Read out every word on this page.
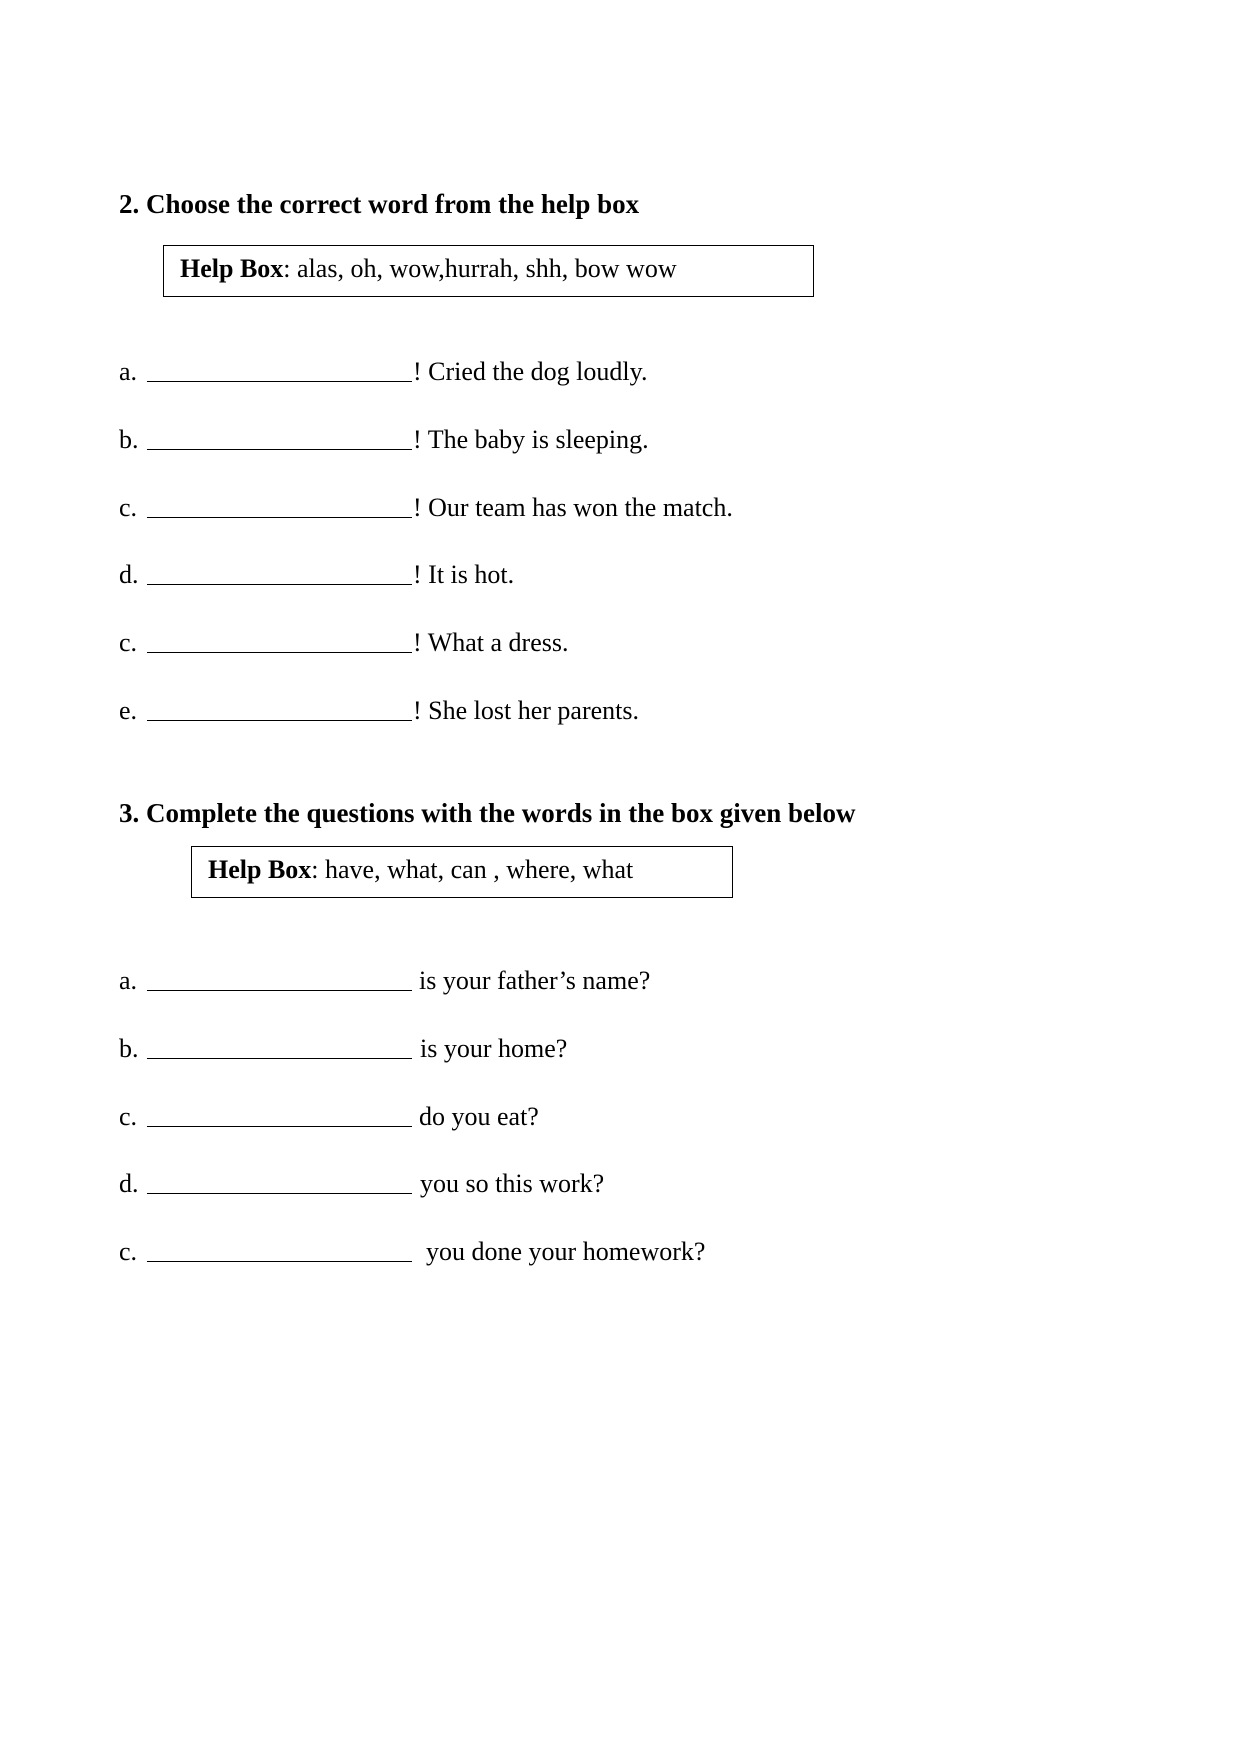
2. Choose the correct word from the help box
Help Box: alas, oh, wow,hurrah, shh, bow wow
a.	! Cried the dog loudly.
b.	! The baby is sleeping.
c.	! Our team has won the match.
d.	! It is hot.
c.	! What a dress.
e.	! She lost her parents.
3. Complete the questions with the words in the box given below
Help Box: have, what, can , where, what
a.	is your father’s name?
b.	is your home?
c.	do you eat?
d.	you so this work?
c.	you done your homework?
